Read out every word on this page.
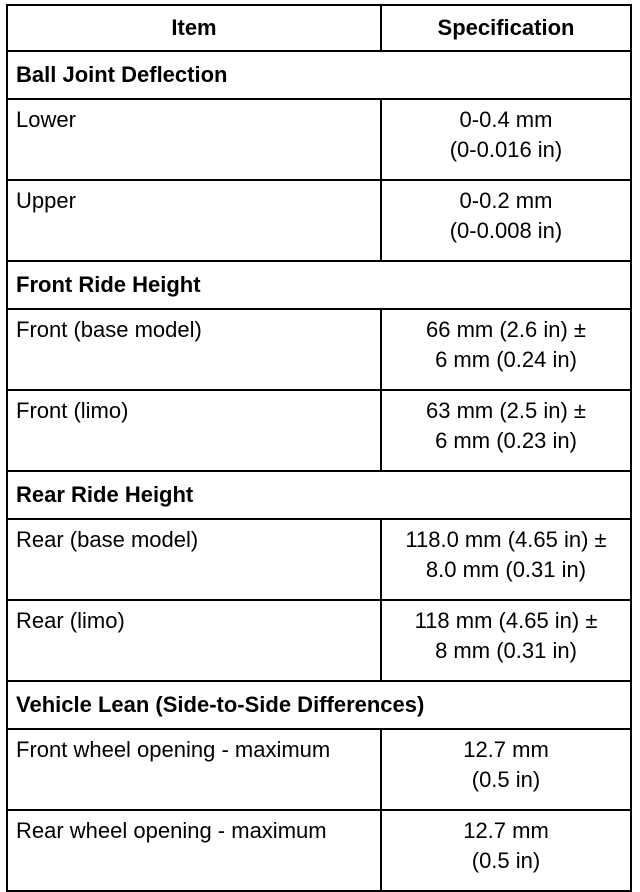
Item	Specification
Ball Joint Deflection	
Lower	0-0.4 mm
(0-0.016 in)

Upper	0-0.2 mm
(0-0.008 in)

Front Ride Height	
Front (base model)	66 mm (2.6 in) ±
6 mm (0.24 in)

Front (limo)	63 mm (2.5 in) ±
6 mm (0.23 in)

Rear Ride Height	
Rear (base model)	118.0 mm (4.65 in) ±
8.0 mm (0.31 in)

Rear (limo)	118 mm (4.65 in) ±
8 mm (0.31 in)

Vehicle Lean (Side-to-Side Differences)	
Front wheel opening - maximum	12.7 mm
(0.5 in)

Rear wheel opening - maximum	12.7 mm
(0.5 in)
